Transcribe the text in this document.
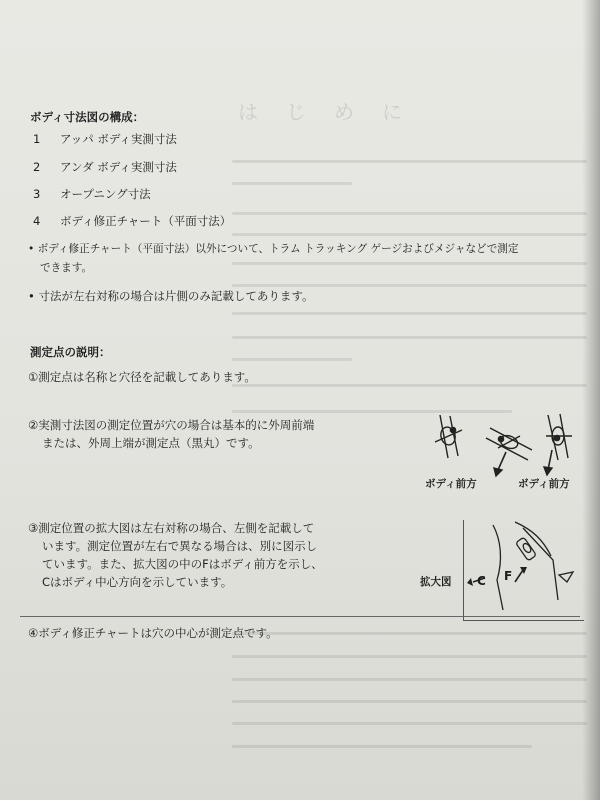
はじめに
ボディ寸法図の構成：
1 アッパ ボディ実測寸法
2 アンダ ボディ実測寸法
3 オープニング寸法
4 ボディ修正チャート（平面寸法）
• ボディ修正チャート（平面寸法）以外について、トラム トラッキング ゲージおよびメジャなどで測定
できます。
• 寸法が左右対称の場合は片側のみ記載してあります。
測定点の説明：
①測定点は名称と穴径を記載してあります。
②実測寸法図の測定位置が穴の場合は基本的に外周前端
または、外周上端が測定点（黒丸）です。
ボディ前方	ボディ前方
③測定位置の拡大図は左右対称の場合、左側を記載して
います。測定位置が左右で異なる場合は、別に図示し
ています。また、拡大図の中のFはボディ前方を示し、
Cはボディ中心方向を示しています。	拡大図 C F
④ボディ修正チャートは穴の中心が測定点です。
